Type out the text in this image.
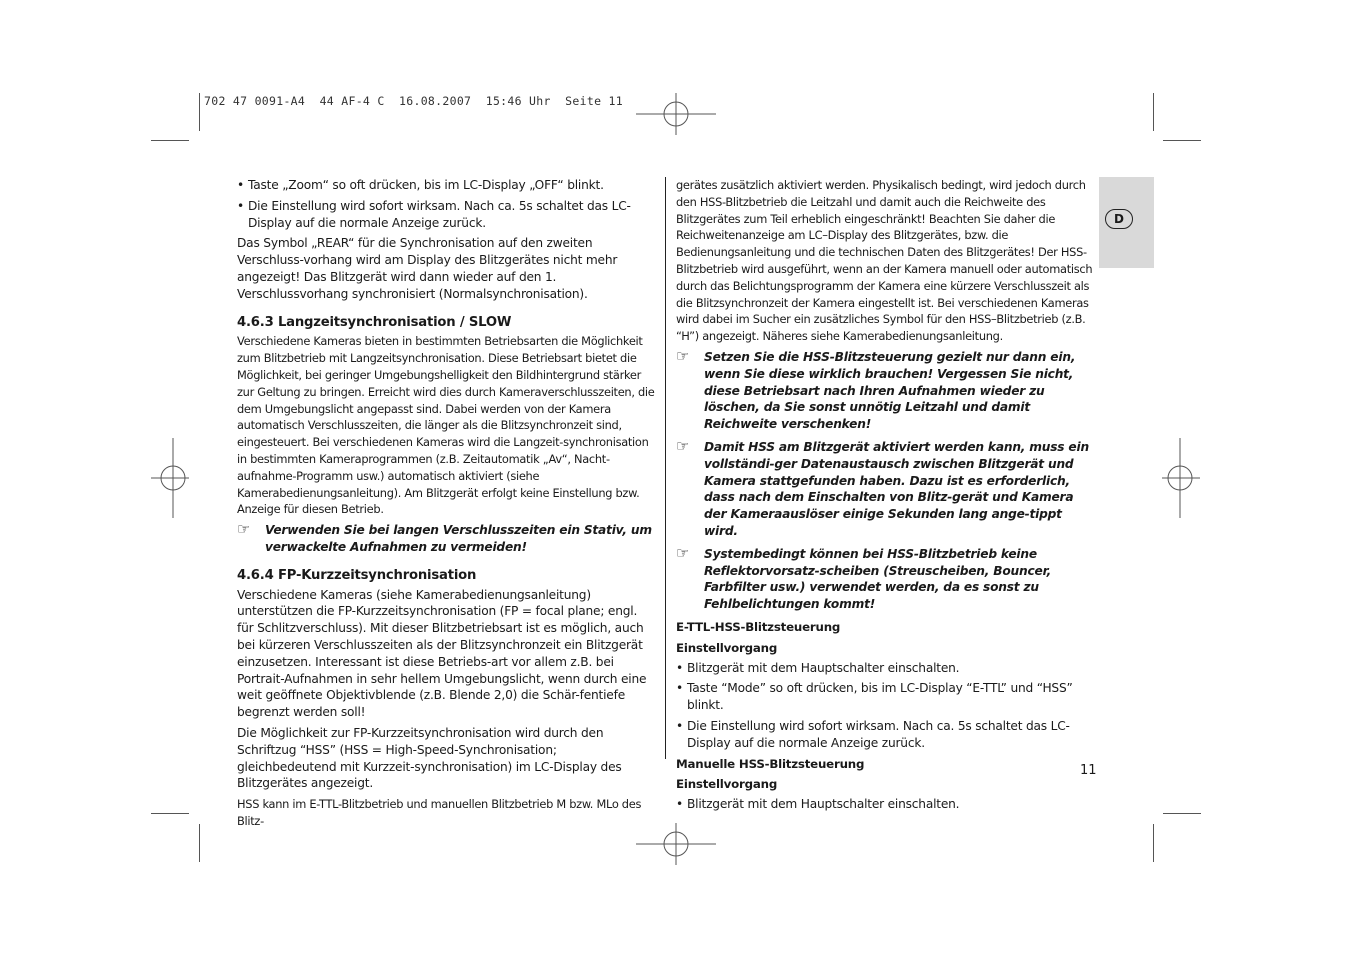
702 47 0091-A4  44 AF-4 C  16.08.2007  15:46 Uhr  Seite 11
D
• Taste „Zoom“ so oft drücken, bis im LC-Display „OFF“ blinkt.
• Die Einstellung wird sofort wirksam. Nach ca. 5s schaltet das LC-Display auf die normale Anzeige zurück.

Das Symbol „REAR“ für die Synchronisation auf den zweiten Verschluss-vorhang wird am Display des Blitzgerätes nicht mehr angezeigt! Das Blitzgerät wird dann wieder auf den 1. Verschlussvorhang synchronisiert (Normalsynchronisation).

4.6.3 Langzeitsynchronisation / SLOW

Verschiedene Kameras bieten in bestimmten Betriebsarten die Möglichkeit zum Blitzbetrieb mit Langzeitsynchronisation. Diese Betriebsart bietet die Möglichkeit, bei geringer Umgebungshelligkeit den Bildhintergrund stärker zur Geltung zu bringen. Erreicht wird dies durch Kameraverschlusszeiten, die dem Umgebungslicht angepasst sind. Dabei werden von der Kamera automatisch Verschlusszeiten, die länger als die Blitzsynchronzeit sind, eingesteuert. Bei verschiedenen Kameras wird die Langzeit-synchronisation in bestimmten Kameraprogrammen (z.B. Zeitautomatik „Av“, Nacht-aufnahme-Programm usw.) automatisch aktiviert (siehe Kamerabedienungsanleitung). Am Blitzgerät erfolgt keine Einstellung bzw. Anzeige für diesen Betrieb.

☞ Verwenden Sie bei langen Verschlusszeiten ein Stativ, um verwackelte Aufnahmen zu vermeiden!
4.6.4 FP-Kurzzeitsynchronisation

Verschiedene Kameras (siehe Kamerabedienungsanleitung) unterstützen die FP-Kurzzeitsynchronisation (FP = focal plane; engl. für Schlitzverschluss). Mit dieser Blitzbetriebsart ist es möglich, auch bei kürzeren Verschlusszeiten als der Blitzsynchronzeit ein Blitzgerät einzusetzen. Interessant ist diese Betriebs-art vor allem z.B. bei Portrait-Aufnahmen in sehr hellem Umgebungslicht, wenn durch eine weit geöffnete Objektivblende (z.B. Blende 2,0) die Schär-fentiefe begrenzt werden soll!

Die Möglichkeit zur FP-Kurzzeitsynchronisation wird durch den Schriftzug “HSS” (HSS = High-Speed-Synchronisation; gleichbedeutend mit Kurzzeit-synchronisation) im LC-Display des Blitzgerätes angezeigt.

HSS kann im E-TTL-Blitzbetrieb und manuellen Blitzbetrieb M bzw. MLo des Blitz-

gerätes zusätzlich aktiviert werden. Physikalisch bedingt, wird jedoch durch den HSS-Blitzbetrieb die Leitzahl und damit auch die Reichweite des Blitzgerätes zum Teil erheblich eingeschränkt! Beachten Sie daher die Reichweitenanzeige am LC–Display des Blitzgerätes, bzw. die Bedienungsanleitung und die technischen Daten des Blitzgerätes! Der HSS-Blitzbetrieb wird ausgeführt, wenn an der Kamera manuell oder automatisch durch das Belichtungsprogramm der Kamera eine kürzere Verschlusszeit als die Blitzsynchronzeit der Kamera eingestellt ist. Bei verschiedenen Kameras wird dabei im Sucher ein zusätzliches Symbol für den HSS–Blitzbetrieb (z.B. “H”) angezeigt. Näheres siehe Kamerabedienungsanleitung.

☞ Setzen Sie die HSS-Blitzsteuerung gezielt nur dann ein, wenn Sie diese wirklich brauchen! Vergessen Sie nicht, diese Betriebsart nach Ihren Aufnahmen wieder zu löschen, da Sie sonst unnötig Leitzahl und damit Reichweite verschenken!
☞ Damit HSS am Blitzgerät aktiviert werden kann, muss ein vollständi-ger Datenaustausch zwischen Blitzgerät und Kamera stattgefunden haben. Dazu ist es erforderlich, dass nach dem Einschalten von Blitz-gerät und Kamera der Kameraauslöser einige Sekunden lang ange-tippt wird.
☞ Systembedingt können bei HSS-Blitzbetrieb keine Reflektorvorsatz-scheiben (Streuscheiben, Bouncer, Farbfilter usw.) verwendet werden, da es sonst zu Fehlbelichtungen kommt!
E-TTL-HSS-Blitzsteuerung
Einstellvorgang
• Blitzgerät mit dem Hauptschalter einschalten.
• Taste “Mode” so oft drücken, bis im LC-Display “E-TTL” und “HSS” blinkt.
• Die Einstellung wird sofort wirksam. Nach ca. 5s schaltet das LC-Display auf die normale Anzeige zurück.
Manuelle HSS-Blitzsteuerung
Einstellvorgang
• Blitzgerät mit dem Hauptschalter einschalten.
11
